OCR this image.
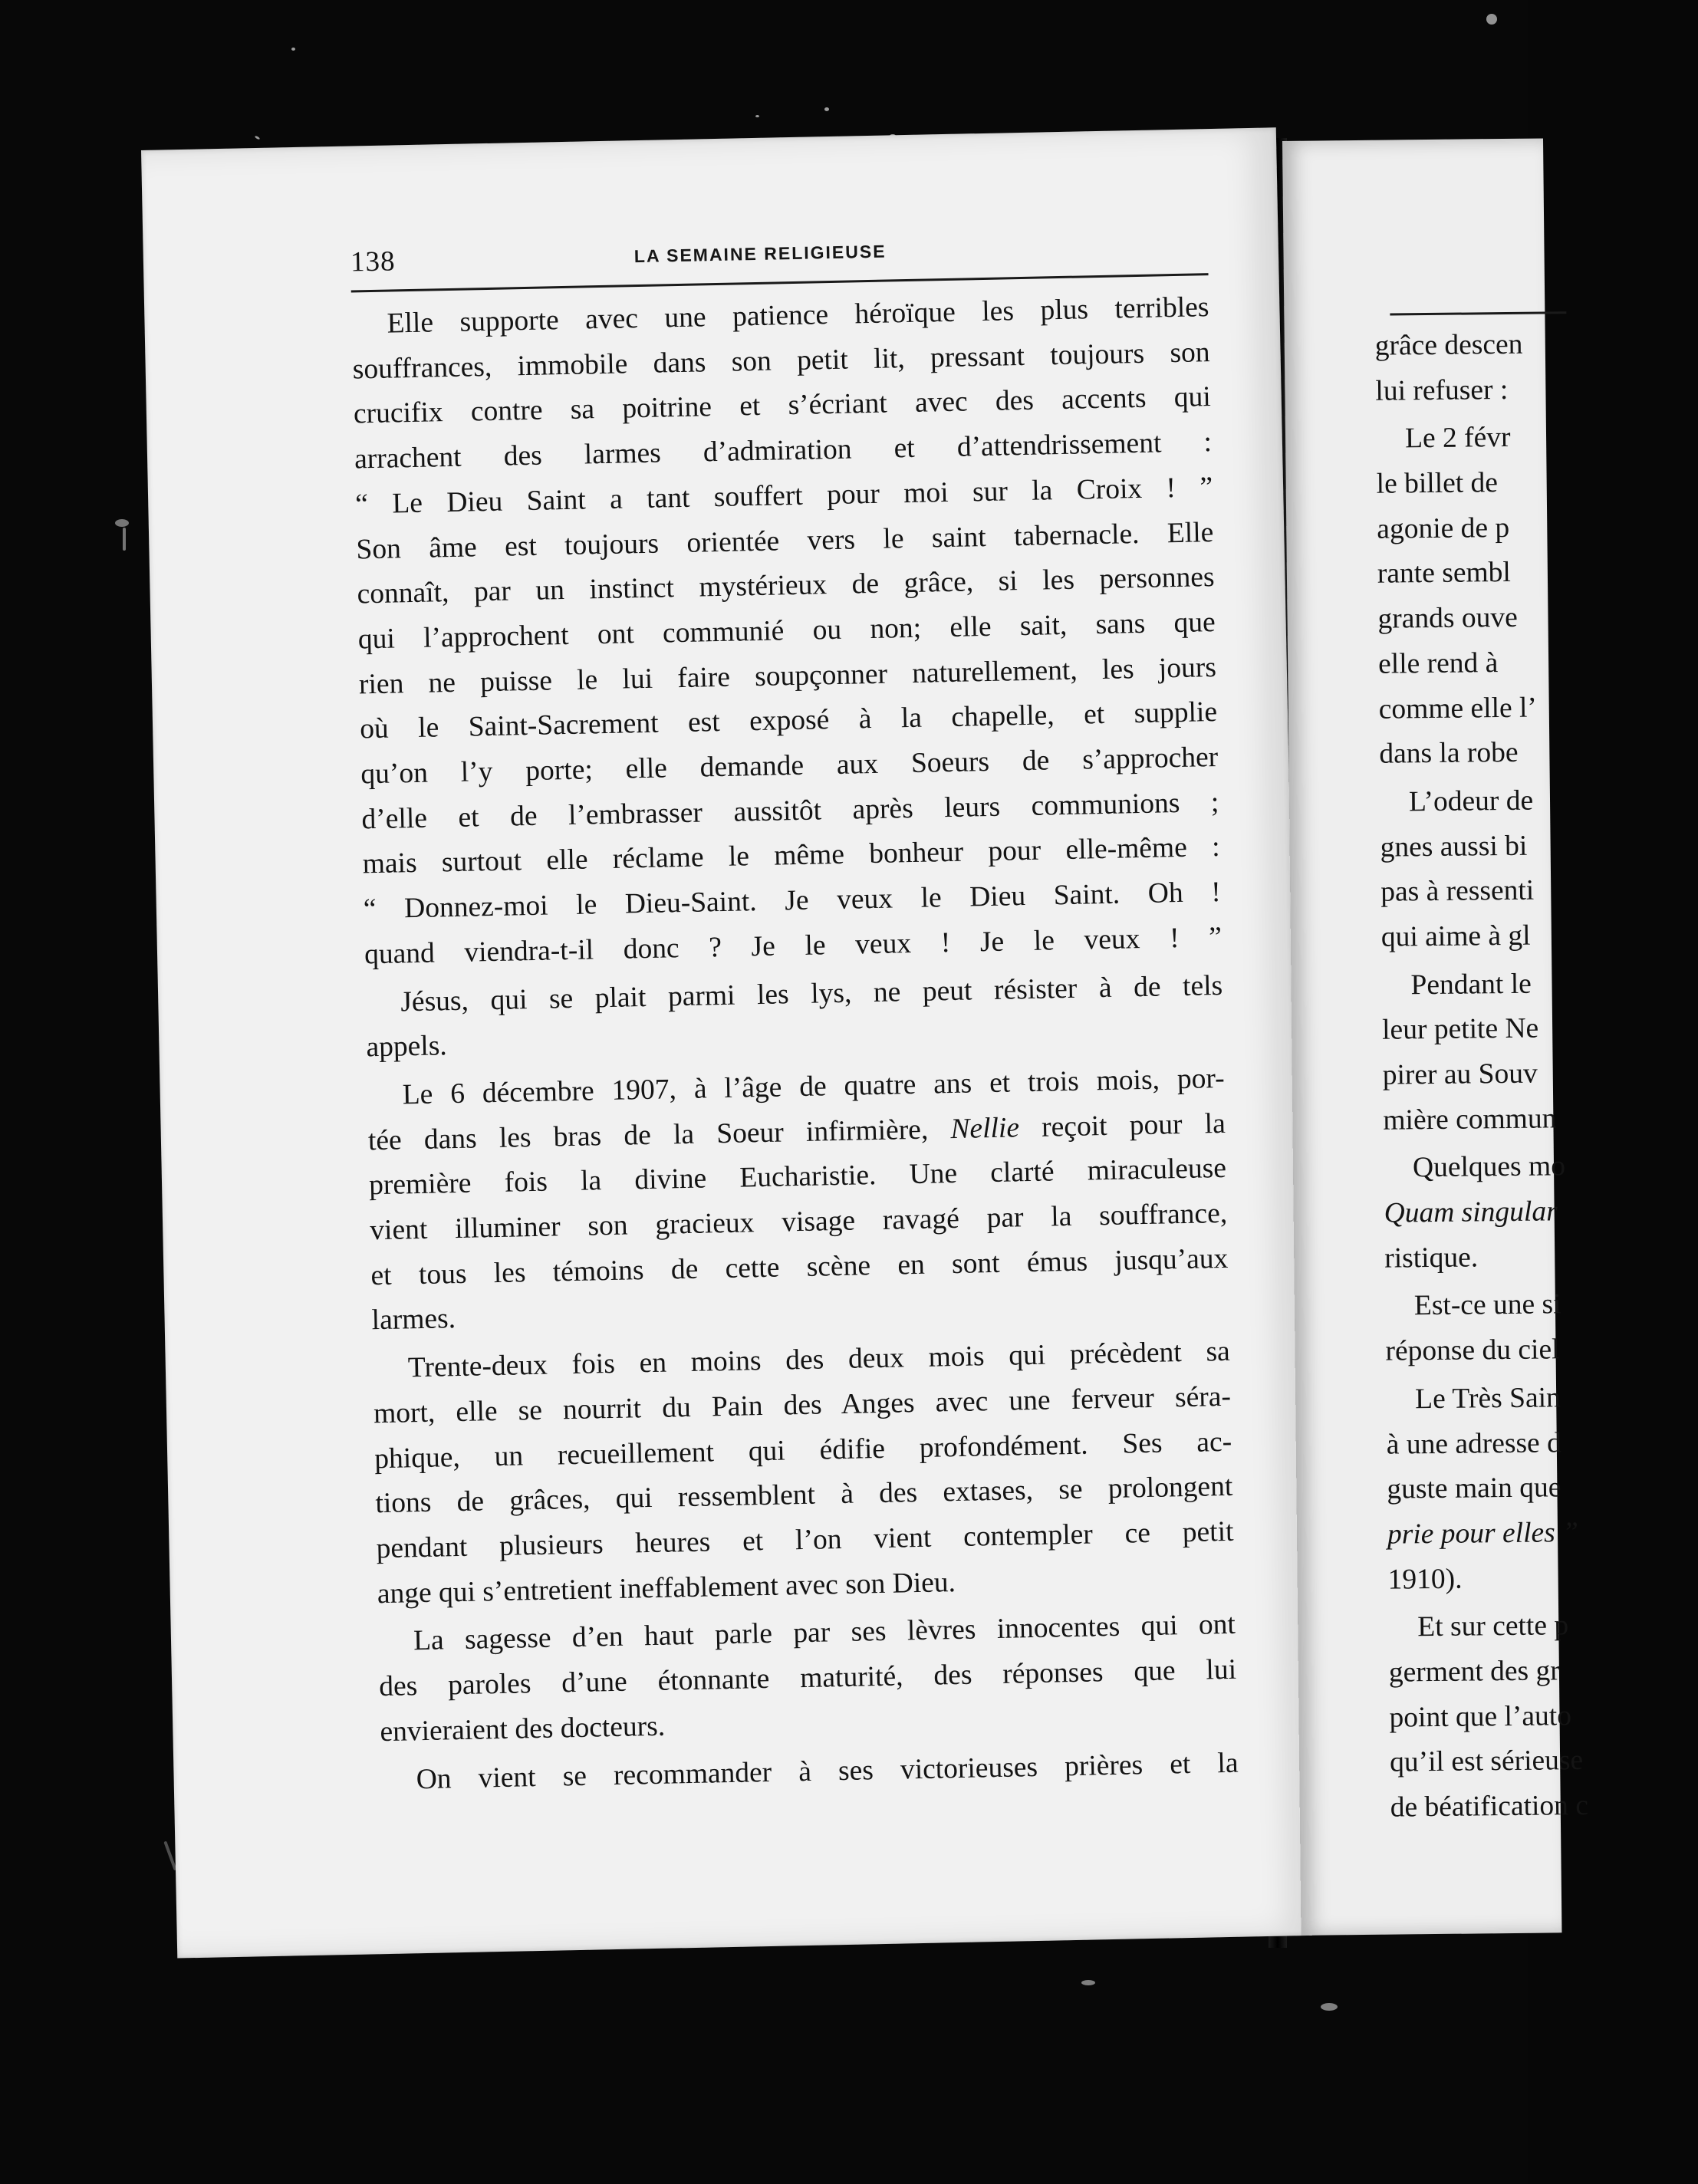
138	LA SEMAINE RELIGIEUSE
Elle supporte avec une patience héroïque les plus terribles
souffrances, immobile dans son petit lit, pressant toujours son
crucifix contre sa poitrine et s’écriant avec des accents qui
arrachent des larmes d’admiration et d’attendrissement :
“ Le Dieu Saint a tant souffert pour moi sur la Croix ! ”
Son âme est toujours orientée vers le saint tabernacle. Elle
connaît, par un instinct mystérieux de grâce, si les personnes
qui l’approchent ont communié ou non; elle sait, sans que
rien ne puisse le lui faire soupçonner naturellement, les jours
où le Saint-Sacrement est exposé à la chapelle, et supplie
qu’on l’y porte; elle demande aux Soeurs de s’approcher
d’elle et de l’embrasser aussitôt après leurs communions ;
mais surtout elle réclame le même bonheur pour elle-même :
“ Donnez-moi le Dieu-Saint. Je veux le Dieu Saint. Oh !
quand viendra-t-il donc ? Je le veux ! Je le veux ! ”
Jésus, qui se plait parmi les lys, ne peut résister à de tels
appels.
Le 6 décembre 1907, à l’âge de quatre ans et trois mois, por-
tée dans les bras de la Soeur infirmière, Nellie reçoit pour la
première fois la divine Eucharistie. Une clarté miraculeuse
vient illuminer son gracieux visage ravagé par la souffrance,
et tous les témoins de cette scène en sont émus jusqu’aux
larmes.
Trente-deux fois en moins des deux mois qui précèdent sa
mort, elle se nourrit du Pain des Anges avec une ferveur séra-
phique, un recueillement qui édifie profondément. Ses ac-
tions de grâces, qui ressemblent à des extases, se prolongent
pendant plusieurs heures et l’on vient contempler ce petit
ange qui s’entretient ineffablement avec son Dieu.
La sagesse d’en haut parle par ses lèvres innocentes qui ont
des paroles d’une étonnante maturité, des réponses que lui
envieraient des docteurs.
On vient se recommander à ses victorieuses prières et la
grâce descen
lui refuser :
Le 2 févr
le billet de
agonie de p
rante sembl
grands ouve
elle rend à
comme elle l’
dans la robe
L’odeur de
gnes aussi bi
pas à ressenti
qui aime à gl
Pendant le
leur petite Ne
pirer au Souv
mière commun
Quelques mo
Quam singular
ristique.
Est-ce une si
réponse du ciel
Le Très Sain
à une adresse d
guste main que
prie pour elles ”
1910).
Et sur cette p
germent des gr
point que l’auto
qu’il est sérieuse
de béatification c
